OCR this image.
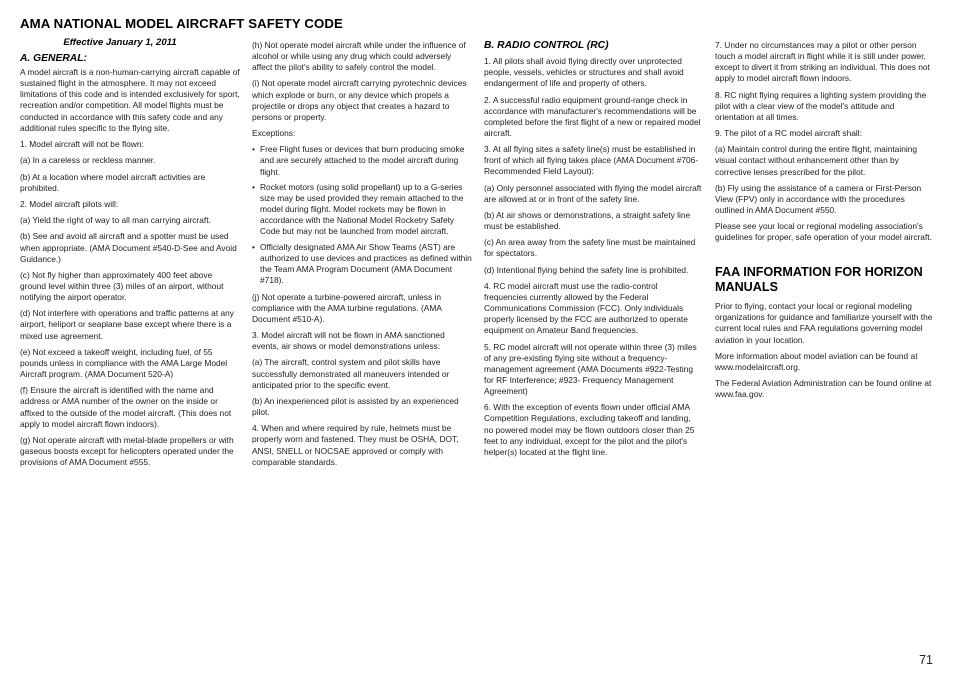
AMA NATIONAL MODEL AIRCRAFT SAFETY CODE

Effective January 1, 2011

A. GENERAL:

A model aircraft is a non-human-carrying aircraft capable of sustained flight in the atmosphere. It may not exceed limitations of this code and is intended exclusively for sport, recreation and/or competition. All model flights must be conducted in accordance with this safety code and any additional rules specific to the flying site.

1. Model aircraft will not be flown:

(a) In a careless or reckless manner.

(b) At a location where model aircraft activities are prohibited.

2. Model aircraft pilots will:

(a) Yield the right of way to all man carrying aircraft.

(b) See and avoid all aircraft and a spotter must be used when appropriate. (AMA Document #540-D-See and Avoid Guidance.)

(c) Not fly higher than approximately 400 feet above ground level within three (3) miles of an airport, without notifying the airport operator.

(d) Not interfere with operations and traffic patterns at any airport, heliport or seaplane base except where there is a mixed use agreement.

(e) Not exceed a takeoff weight, including fuel, of 55 pounds unless in compliance with the AMA Large Model Aircraft program. (AMA Document 520-A)

(f) Ensure the aircraft is identified with the name and address or AMA number of the owner on the inside or affixed to the outside of the model aircraft. (This does not apply to model aircraft flown indoors).

(g) Not operate aircraft with metal-blade propellers or with gaseous boosts except for helicopters operated under the provisions of AMA Document #555.

(h) Not operate model aircraft while under the influence of alcohol or while using any drug which could adversely affect the pilot's ability to safely control the model.

(i) Not operate model aircraft carrying pyrotechnic devices which explode or burn, or any device which propels a projectile or drops any object that creates a hazard to persons or property.

Exceptions:

• Free Flight fuses or devices that burn producing smoke and are securely attached to the model aircraft during flight.
• Rocket motors (using solid propellant) up to a G-series size may be used provided they remain attached to the model during flight. Model rockets may be flown in accordance with the National Model Rocketry Safety Code but may not be launched from model aircraft.
• Officially designated AMA Air Show Teams (AST) are authorized to use devices and practices as defined within the Team AMA Program Document (AMA Document #718).

(j) Not operate a turbine-powered aircraft, unless in compliance with the AMA turbine regulations. (AMA Document #510-A).

3. Model aircraft will not be flown in AMA sanctioned events, air shows or model demonstrations unless:

(a) The aircraft, control system and pilot skills have successfully demonstrated all maneuvers intended or anticipated prior to the specific event.

(b) An inexperienced pilot is assisted by an experienced pilot.

4. When and where required by rule, helmets must be properly worn and fastened. They must be OSHA, DOT, ANSI, SNELL or NOCSAE approved or comply with comparable standards.

B. RADIO CONTROL (RC)

1. All pilots shall avoid flying directly over unprotected people, vessels, vehicles or structures and shall avoid endangerment of life and property of others.

2. A successful radio equipment ground-range check in accordance with manufacturer's recommendations will be completed before the first flight of a new or repaired model aircraft.

3. At all flying sites a safety line(s) must be established in front of which all flying takes place (AMA Document #706-Recommended Field Layout):

(a) Only personnel associated with flying the model aircraft are allowed at or in front of the safety line.

(b) At air shows or demonstrations, a straight safety line must be established.

(c) An area away from the safety line must be maintained for spectators.

(d) Intentional flying behind the safety line is prohibited.

4. RC model aircraft must use the radio-control frequencies currently allowed by the Federal Communications Commission (FCC). Only individuals properly licensed by the FCC are authorized to operate equipment on Amateur Band frequencies.

5. RC model aircraft will not operate within three (3) miles of any pre-existing flying site without a frequency-management agreement (AMA Documents #922-Testing for RF Interference; #923- Frequency Management Agreement)

6. With the exception of events flown under official AMA Competition Regulations, excluding takeoff and landing, no powered model may be flown outdoors closer than 25 feet to any individual, except for the pilot and the pilot's helper(s) located at the flight line.

7. Under no circumstances may a pilot or other person touch a model aircraft in flight while it is still under power, except to divert it from striking an individual. This does not apply to model aircraft flown indoors.

8. RC night flying requires a lighting system providing the pilot with a clear view of the model's attitude and orientation at all times.

9. The pilot of a RC model aircraft shall:

(a) Maintain control during the entire flight, maintaining visual contact without enhancement other than by corrective lenses prescribed for the pilot.

(b) Fly using the assistance of a camera or First-Person View (FPV) only in accordance with the procedures outlined in AMA Document #550.

Please see your local or regional modeling association's guidelines for proper, safe operation of your model aircraft.

FAA INFORMATION FOR HORIZON MANUALS

Prior to flying, contact your local or regional modeling organizations for guidance and familiarize yourself with the current local rules and FAA regulations governing model aviation in your location.

More information about model aviation can be found at www.modelaircraft.org.

The Federal Aviation Administration can be found online at www.faa.gov.

71
